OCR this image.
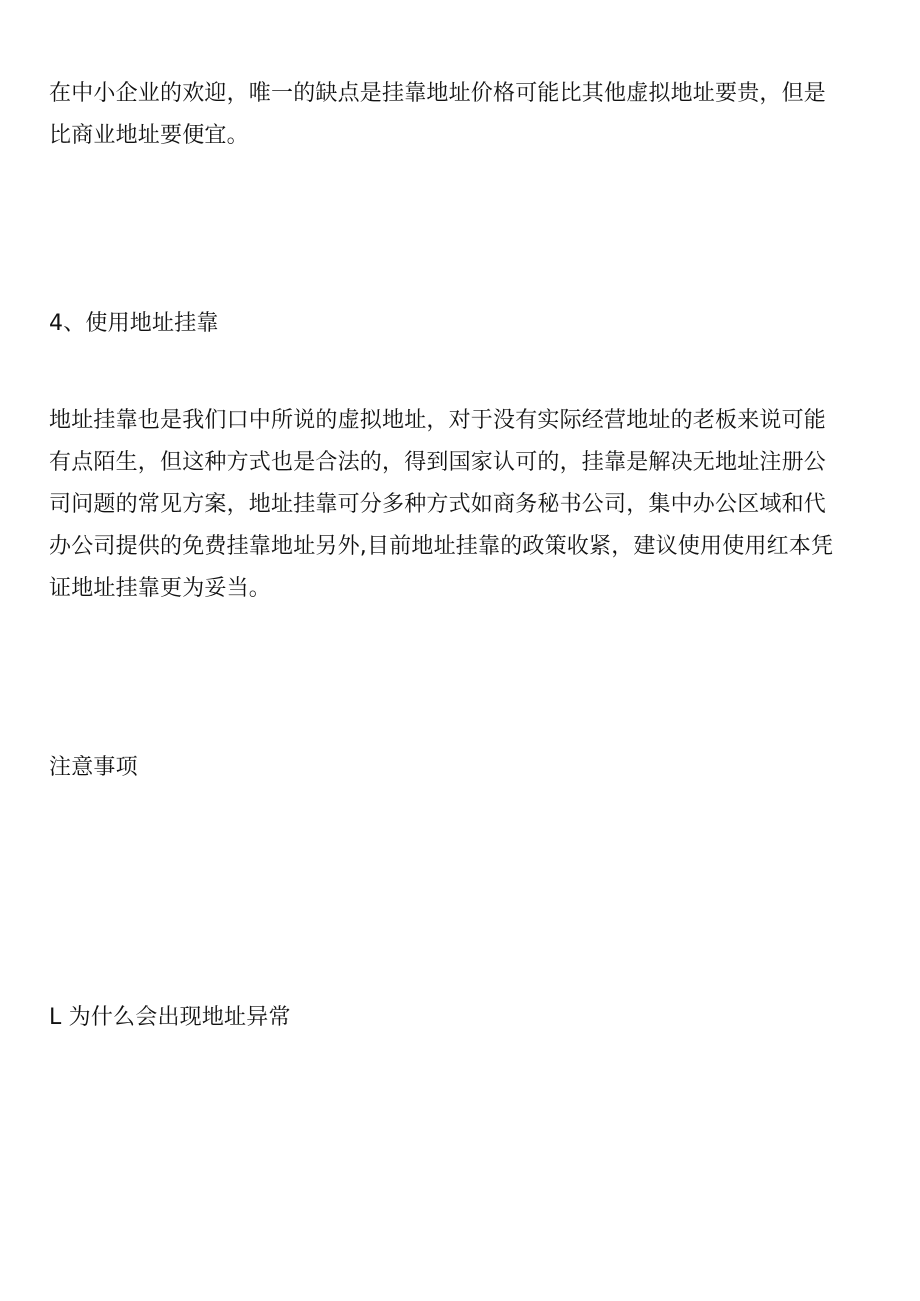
在中小企业的欢迎，唯一的缺点是挂靠地址价格可能比其他虚拟地址要贵，但是
比商业地址要便宜。

4、使用地址挂靠

地址挂靠也是我们口中所说的虚拟地址，对于没有实际经营地址的老板来说可能
有点陌生，但这种方式也是合法的，得到国家认可的，挂靠是解决无地址注册公
司问题的常见方案，地址挂靠可分多种方式如商务秘书公司，集中办公区域和代
办公司提供的免费挂靠地址另外,目前地址挂靠的政策收紧，建议使用使用红本凭
证地址挂靠更为妥当。

注意事项

L 为什么会出现地址异常
